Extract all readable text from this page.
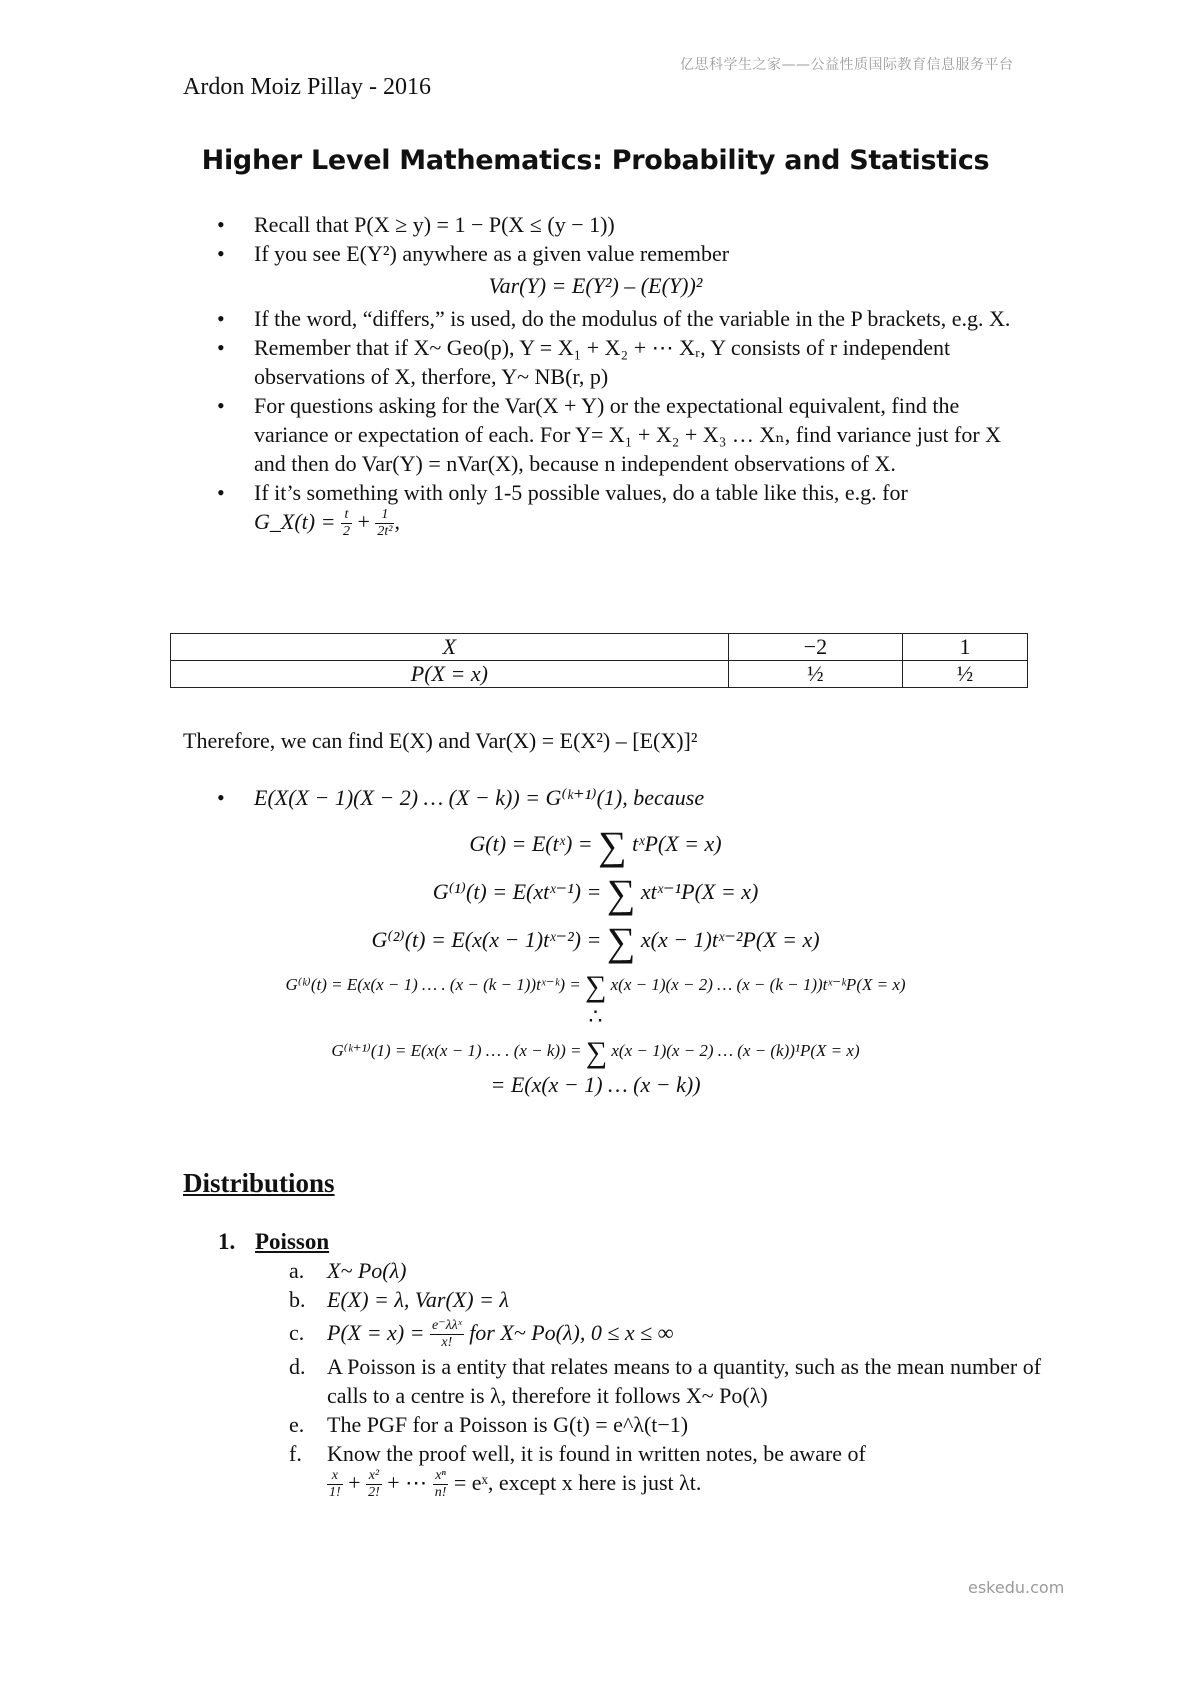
亿思科学生之家——公益性质国际教育信息服务平台
Ardon Moiz Pillay - 2016
Higher Level Mathematics: Probability and Statistics

• Recall that P(X ≥ y) = 1 − P(X ≤ (y − 1))

• If you see E(Y²) anywhere as a given value remember

Var(Y) = E(Y²) – (E(Y))²

• If the word, “differs,” is used, do the modulus of the variable in the P brackets, e.g. X.

• Remember that if X~ Geo(p), Y = X₁ + X₂ + ⋯ Xᵣ, Y consists of r independent observations of X, therfore, Y~ NB(r, p)

• For questions asking for the Var(X + Y) or the expectational equivalent, find the variance or expectation of each. For Y= X₁ + X₂ + X₃ … Xₙ, find variance just for X and then do Var(Y) = nVar(X), because n independent observations of X.

• If it’s something with only 1-5 possible values, do a table like this, e.g. for
G_X(t) = $\frac{t}{2} + \frac{1}{\text{2t²}}$ ,

X	−2	1
P(X = x)	½	½
Therefore, we can find E(X) and Var(X) = E(X²) – [E(X)]²

• E(X(X − 1)(X − 2) … (X − k)) = G⁽ᵏ⁺¹⁾(1), because

G(t) = E(tˣ) = ∑ tˣP(X = x)
G⁽¹⁾(t) = E(xtˣ⁻¹) = ∑ xtˣ⁻¹P(X = x)
G⁽²⁾(t) = E(x(x − 1)tˣ⁻²) = ∑ x(x − 1)tˣ⁻²P(X = x)
G⁽ᵏ⁾(t) = E(x(x − 1) … . (x − (k − 1))tˣ⁻ᵏ) = ∑ x(x − 1)(x − 2) … (x − (k − 1))tˣ⁻ᵏP(X = x)
∴
G⁽ᵏ⁺¹⁾(1) = E(x(x − 1) … . (x − k)) = ∑ x(x − 1)(x − 2) … (x − (k))¹P(X = x)
= E(x(x − 1) … (x − k))
Distributions
1. Poisson

a. X~ Po(λ)

b. E(X) = λ, Var(X) = λ

c. $P(X = x) = \frac{\text{e⁻λλˣ}}{x!}$ for X~ Po(λ), 0 ≤ x ≤ ∞

d. A Poisson is a entity that relates means to a quantity, such as the mean number of calls to a centre is λ, therefore it follows X~ Po(λ)

e. The PGF for a Poisson is G(t) = e^λ(t−1)

f. Know the proof well, it is found in written notes, be aware of

$\frac{x}{1!} + \frac{\text{x²}}{2!}$ + ⋯ $\frac{\text{xⁿ}}{n!}$ = eˣ, except x here is just λt.

eskedu.com
